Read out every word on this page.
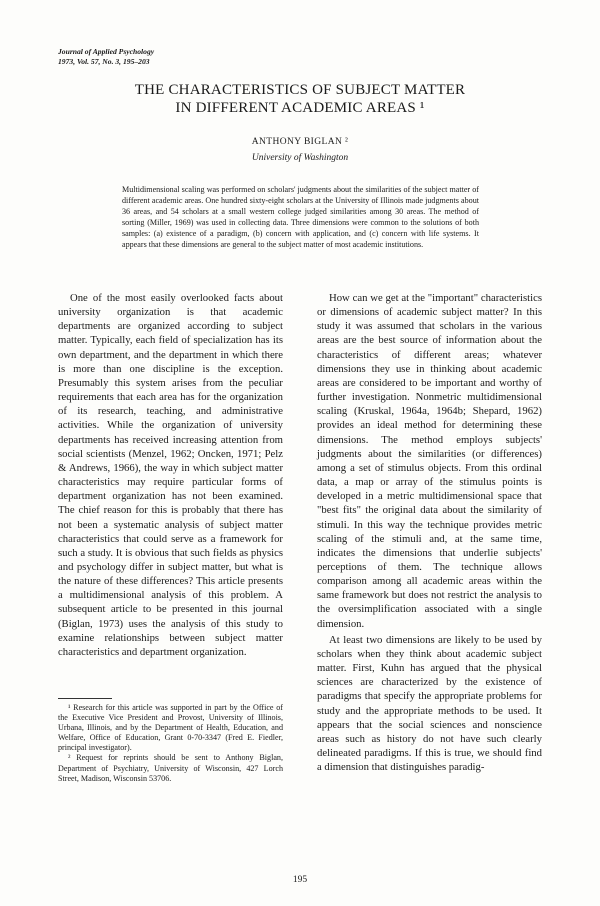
Journal of Applied Psychology
1973, Vol. 57, No. 3, 195–203
THE CHARACTERISTICS OF SUBJECT MATTER
IN DIFFERENT ACADEMIC AREAS ¹
ANTHONY BIGLAN ²
University of Washington
Multidimensional scaling was performed on scholars' judgments about the similarities of the subject matter of different academic areas. One hundred sixty-eight scholars at the University of Illinois made judgments about 36 areas, and 54 scholars at a small western college judged similarities among 30 areas. The method of sorting (Miller, 1969) was used in collecting data. Three dimensions were common to the solutions of both samples: (a) existence of a paradigm, (b) concern with application, and (c) concern with life systems. It appears that these dimensions are general to the subject matter of most academic institutions.

One of the most easily overlooked facts about university organization is that academic departments are organized according to subject matter. Typically, each field of specialization has its own department, and the department in which there is more than one discipline is the exception. Presumably this system arises from the peculiar requirements that each area has for the organization of its research, teaching, and administrative activities. While the organization of university departments has received increasing attention from social scientists (Menzel, 1962; Oncken, 1971; Pelz & Andrews, 1966), the way in which subject matter characteristics may require particular forms of department organization has not been examined. The chief reason for this is probably that there has not been a systematic analysis of subject matter characteristics that could serve as a framework for such a study. It is obvious that such fields as physics and psychology differ in subject matter, but what is the nature of these differences? This article presents a multidimensional analysis of this problem. A subsequent article to be presented in this journal (Biglan, 1973) uses the analysis of this study to examine relationships between subject matter characteristics and department organization.

How can we get at the "important" characteristics or dimensions of academic subject matter? In this study it was assumed that scholars in the various areas are the best source of information about the characteristics of different areas; whatever dimensions they use in thinking about academic areas are considered to be important and worthy of further investigation. Nonmetric multidimensional scaling (Kruskal, 1964a, 1964b; Shepard, 1962) provides an ideal method for determining these dimensions. The method employs subjects' judgments about the similarities (or differences) among a set of stimulus objects. From this ordinal data, a map or array of the stimulus points is developed in a metric multidimensional space that "best fits" the original data about the similarity of stimuli. In this way the technique provides metric scaling of the stimuli and, at the same time, indicates the dimensions that underlie subjects' perceptions of them. The technique allows comparison among all academic areas within the same framework but does not restrict the analysis to the oversimplification associated with a single dimension.

At least two dimensions are likely to be used by scholars when they think about academic subject matter. First, Kuhn has argued that the physical sciences are characterized by the existence of paradigms that specify the appropriate problems for study and the appropriate methods to be used. It appears that the social sciences and nonscience areas such as history do not have such clearly delineated paradigms. If this is true, we should find a dimension that distinguishes paradig-

¹ Research for this article was supported in part by the Office of the Executive Vice President and Provost, University of Illinois, Urbana, Illinois, and by the Department of Health, Education, and Welfare, Office of Education, Grant 0-70-3347 (Fred E. Fiedler, principal investigator).

² Request for reprints should be sent to Anthony Biglan, Department of Psychiatry, University of Wisconsin, 427 Lorch Street, Madison, Wisconsin 53706.

195
